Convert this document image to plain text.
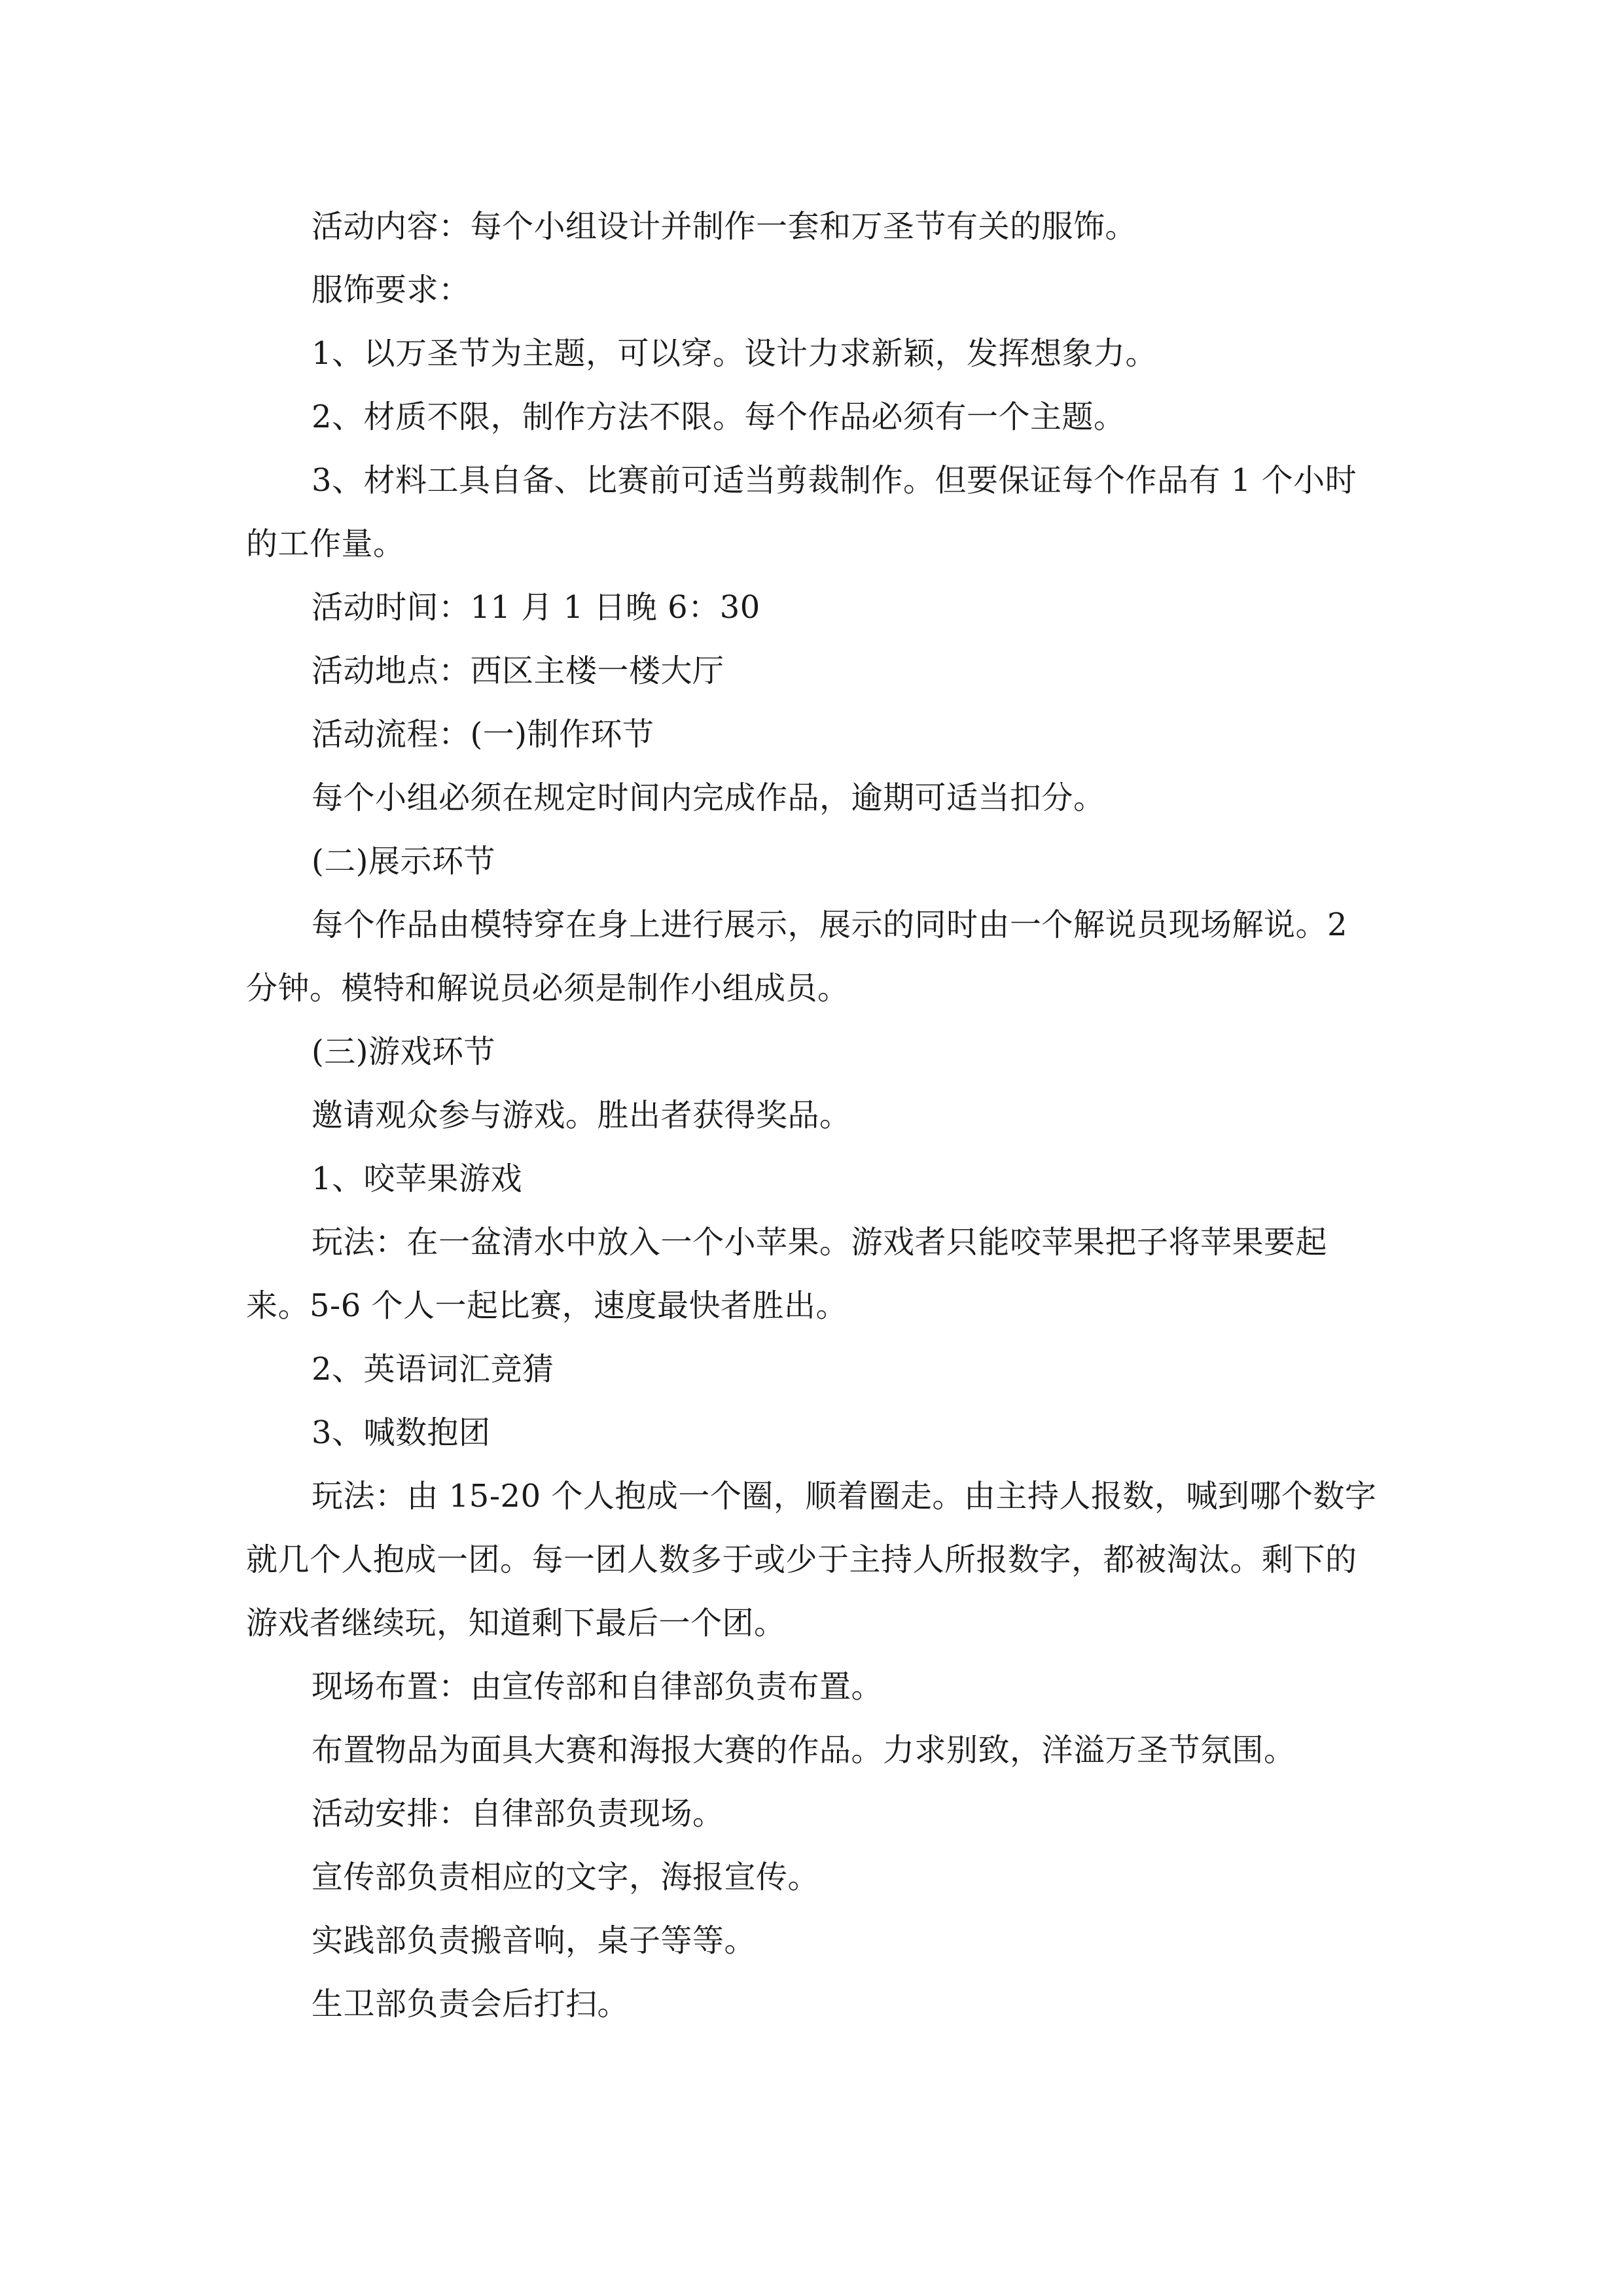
活动内容：每个小组设计并制作一套和万圣节有关的服饰。

服饰要求：

1、以万圣节为主题，可以穿。设计力求新颖，发挥想象力。

2、材质不限，制作方法不限。每个作品必须有一个主题。

3、材料工具自备、比赛前可适当剪裁制作。但要保证每个作品有 1 个小时的工作量。

活动时间：11 月 1 日晚 6：30

活动地点：西区主楼一楼大厅

活动流程：(一)制作环节

每个小组必须在规定时间内完成作品，逾期可适当扣分。

(二)展示环节

每个作品由模特穿在身上进行展示，展示的同时由一个解说员现场解说。2 分钟。模特和解说员必须是制作小组成员。

(三)游戏环节

邀请观众参与游戏。胜出者获得奖品。

1、咬苹果游戏

玩法：在一盆清水中放入一个小苹果。游戏者只能咬苹果把子将苹果要起来。5-6 个人一起比赛，速度最快者胜出。

2、英语词汇竞猜

3、喊数抱团

玩法：由 15-20 个人抱成一个圈，顺着圈走。由主持人报数，喊到哪个数字就几个人抱成一团。每一团人数多于或少于主持人所报数字，都被淘汰。剩下的游戏者继续玩，知道剩下最后一个团。

现场布置：由宣传部和自律部负责布置。

布置物品为面具大赛和海报大赛的作品。力求别致，洋溢万圣节氛围。

活动安排：自律部负责现场。

宣传部负责相应的文字，海报宣传。

实践部负责搬音响，桌子等等。

生卫部负责会后打扫。
